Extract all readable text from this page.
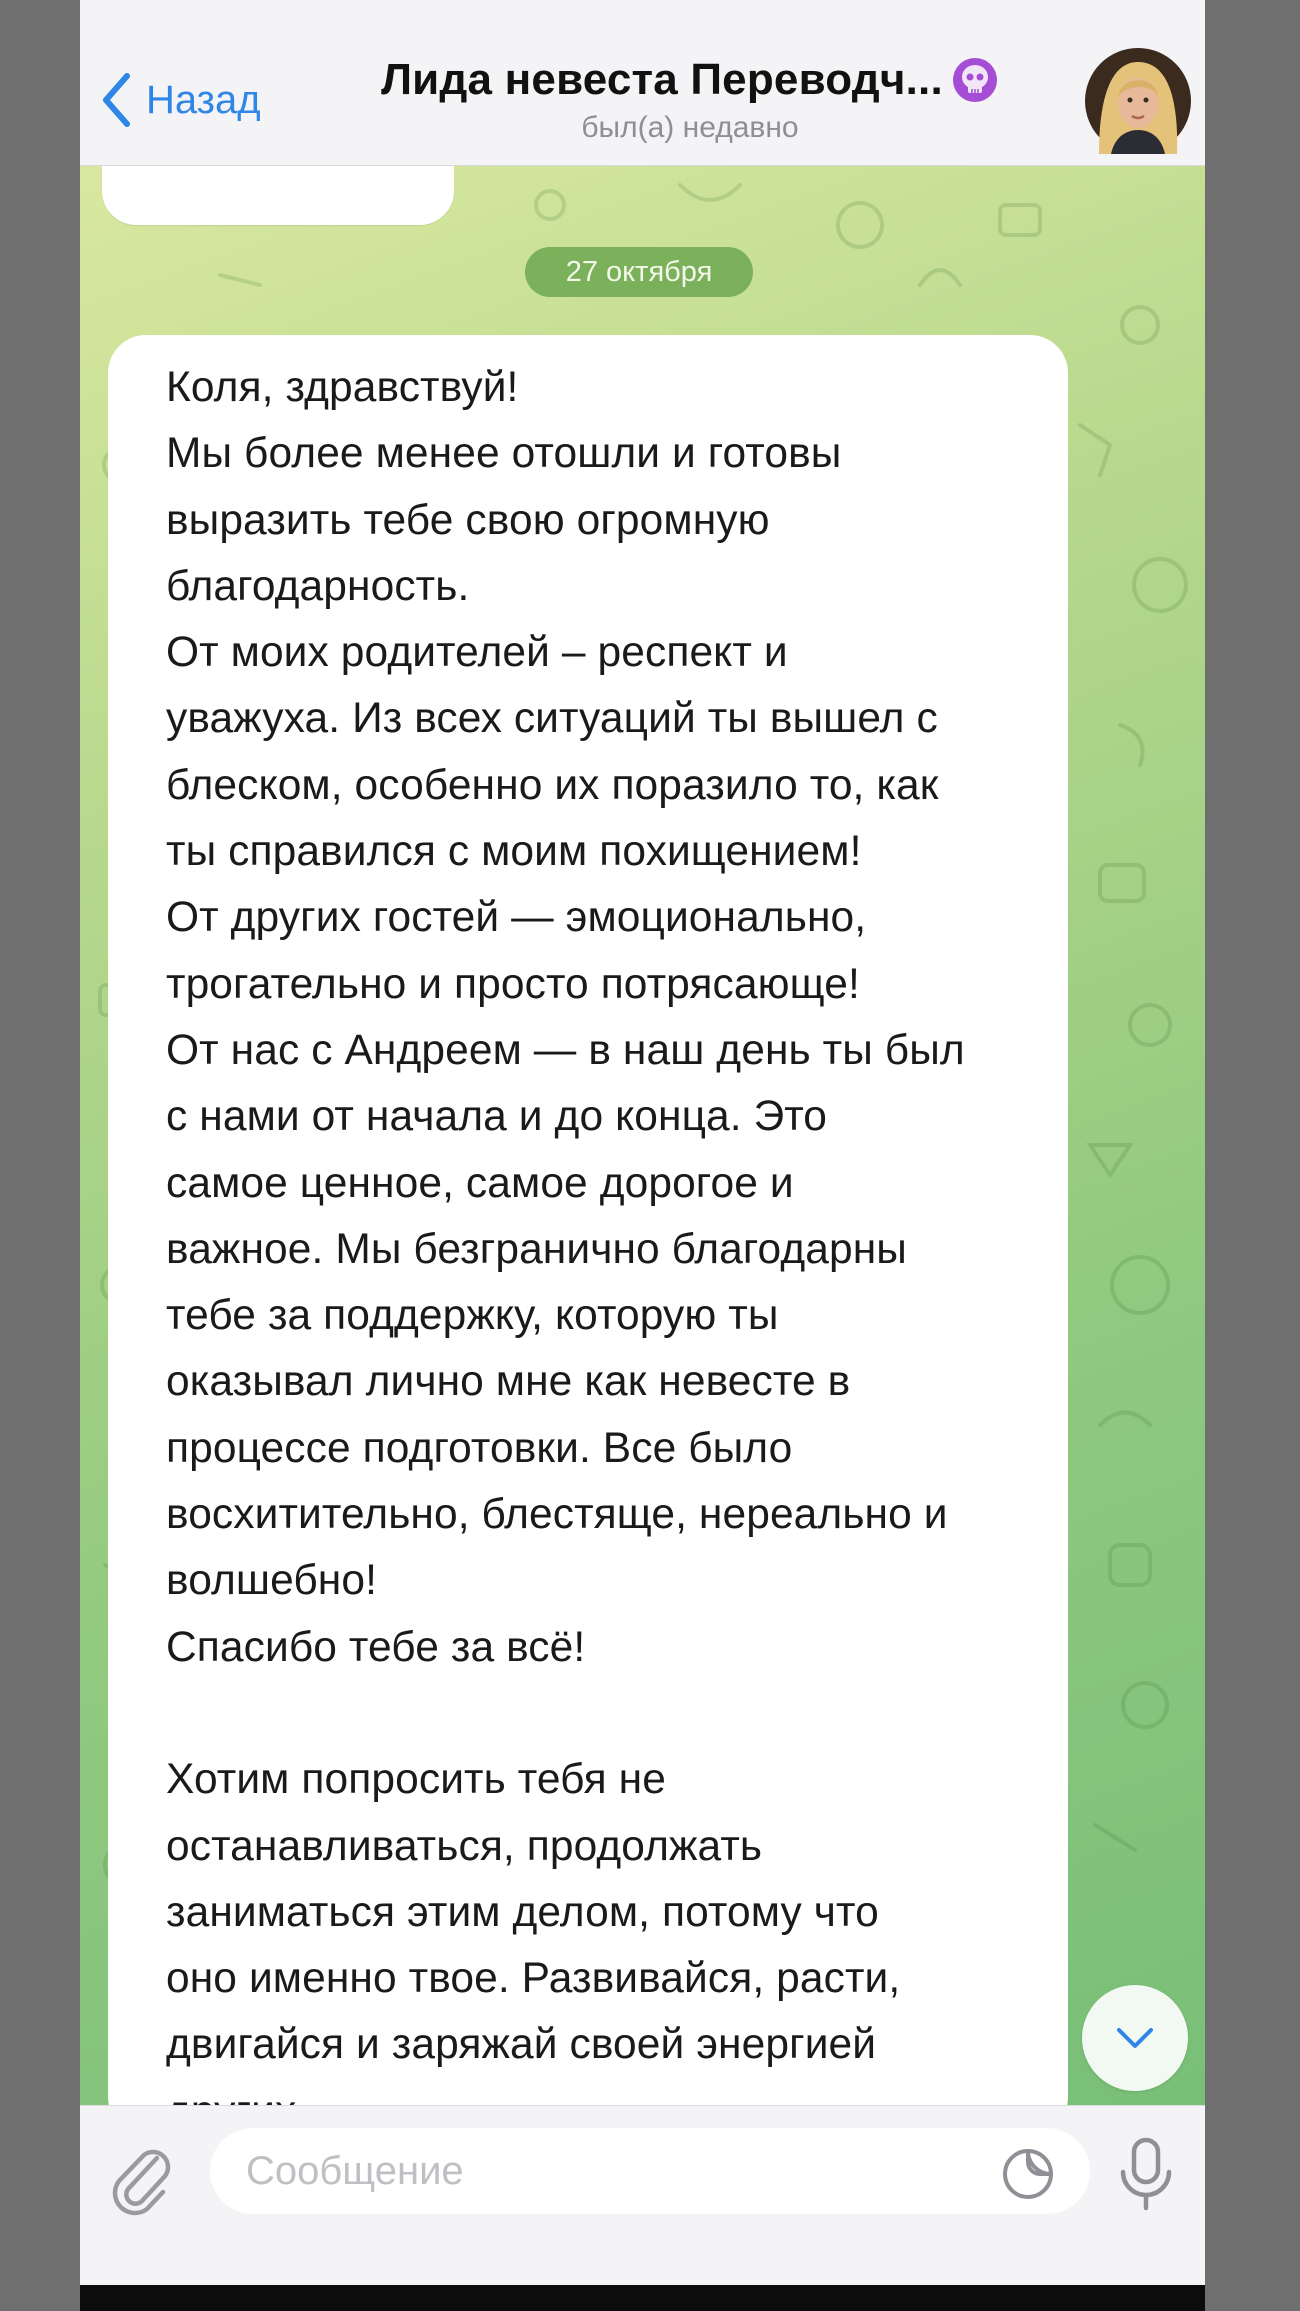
Назад	Лида невеста Переводч...
был(а) недавно
27 октября

Коля, здравствуй!

Мы более менее отошли и готовы

выразить тебе свою огромную

благодарность.

От моих родителей – респект и

уважуха. Из всех ситуаций ты вышел с

блеском, особенно их поразило то, как

ты справился с моим похищением!

От других гостей — эмоционально,

трогательно и просто потрясающе!

От нас с Андреем — в наш день ты был

с нами от начала и до конца. Это

самое ценное, самое дорогое и

важное. Мы безгранично благодарны

тебе за поддержку, которую ты

оказывал лично мне как невесте в

процессе подготовки. Все было

восхитительно, блестяще, нереально и

волшебно!

Спасибо тебе за всё!

Хотим попросить тебя не

останавливаться, продолжать

заниматься этим делом, потому что

оно именно твое. Развивайся, расти,

двигайся и заряжай своей энергией

Сообщение
